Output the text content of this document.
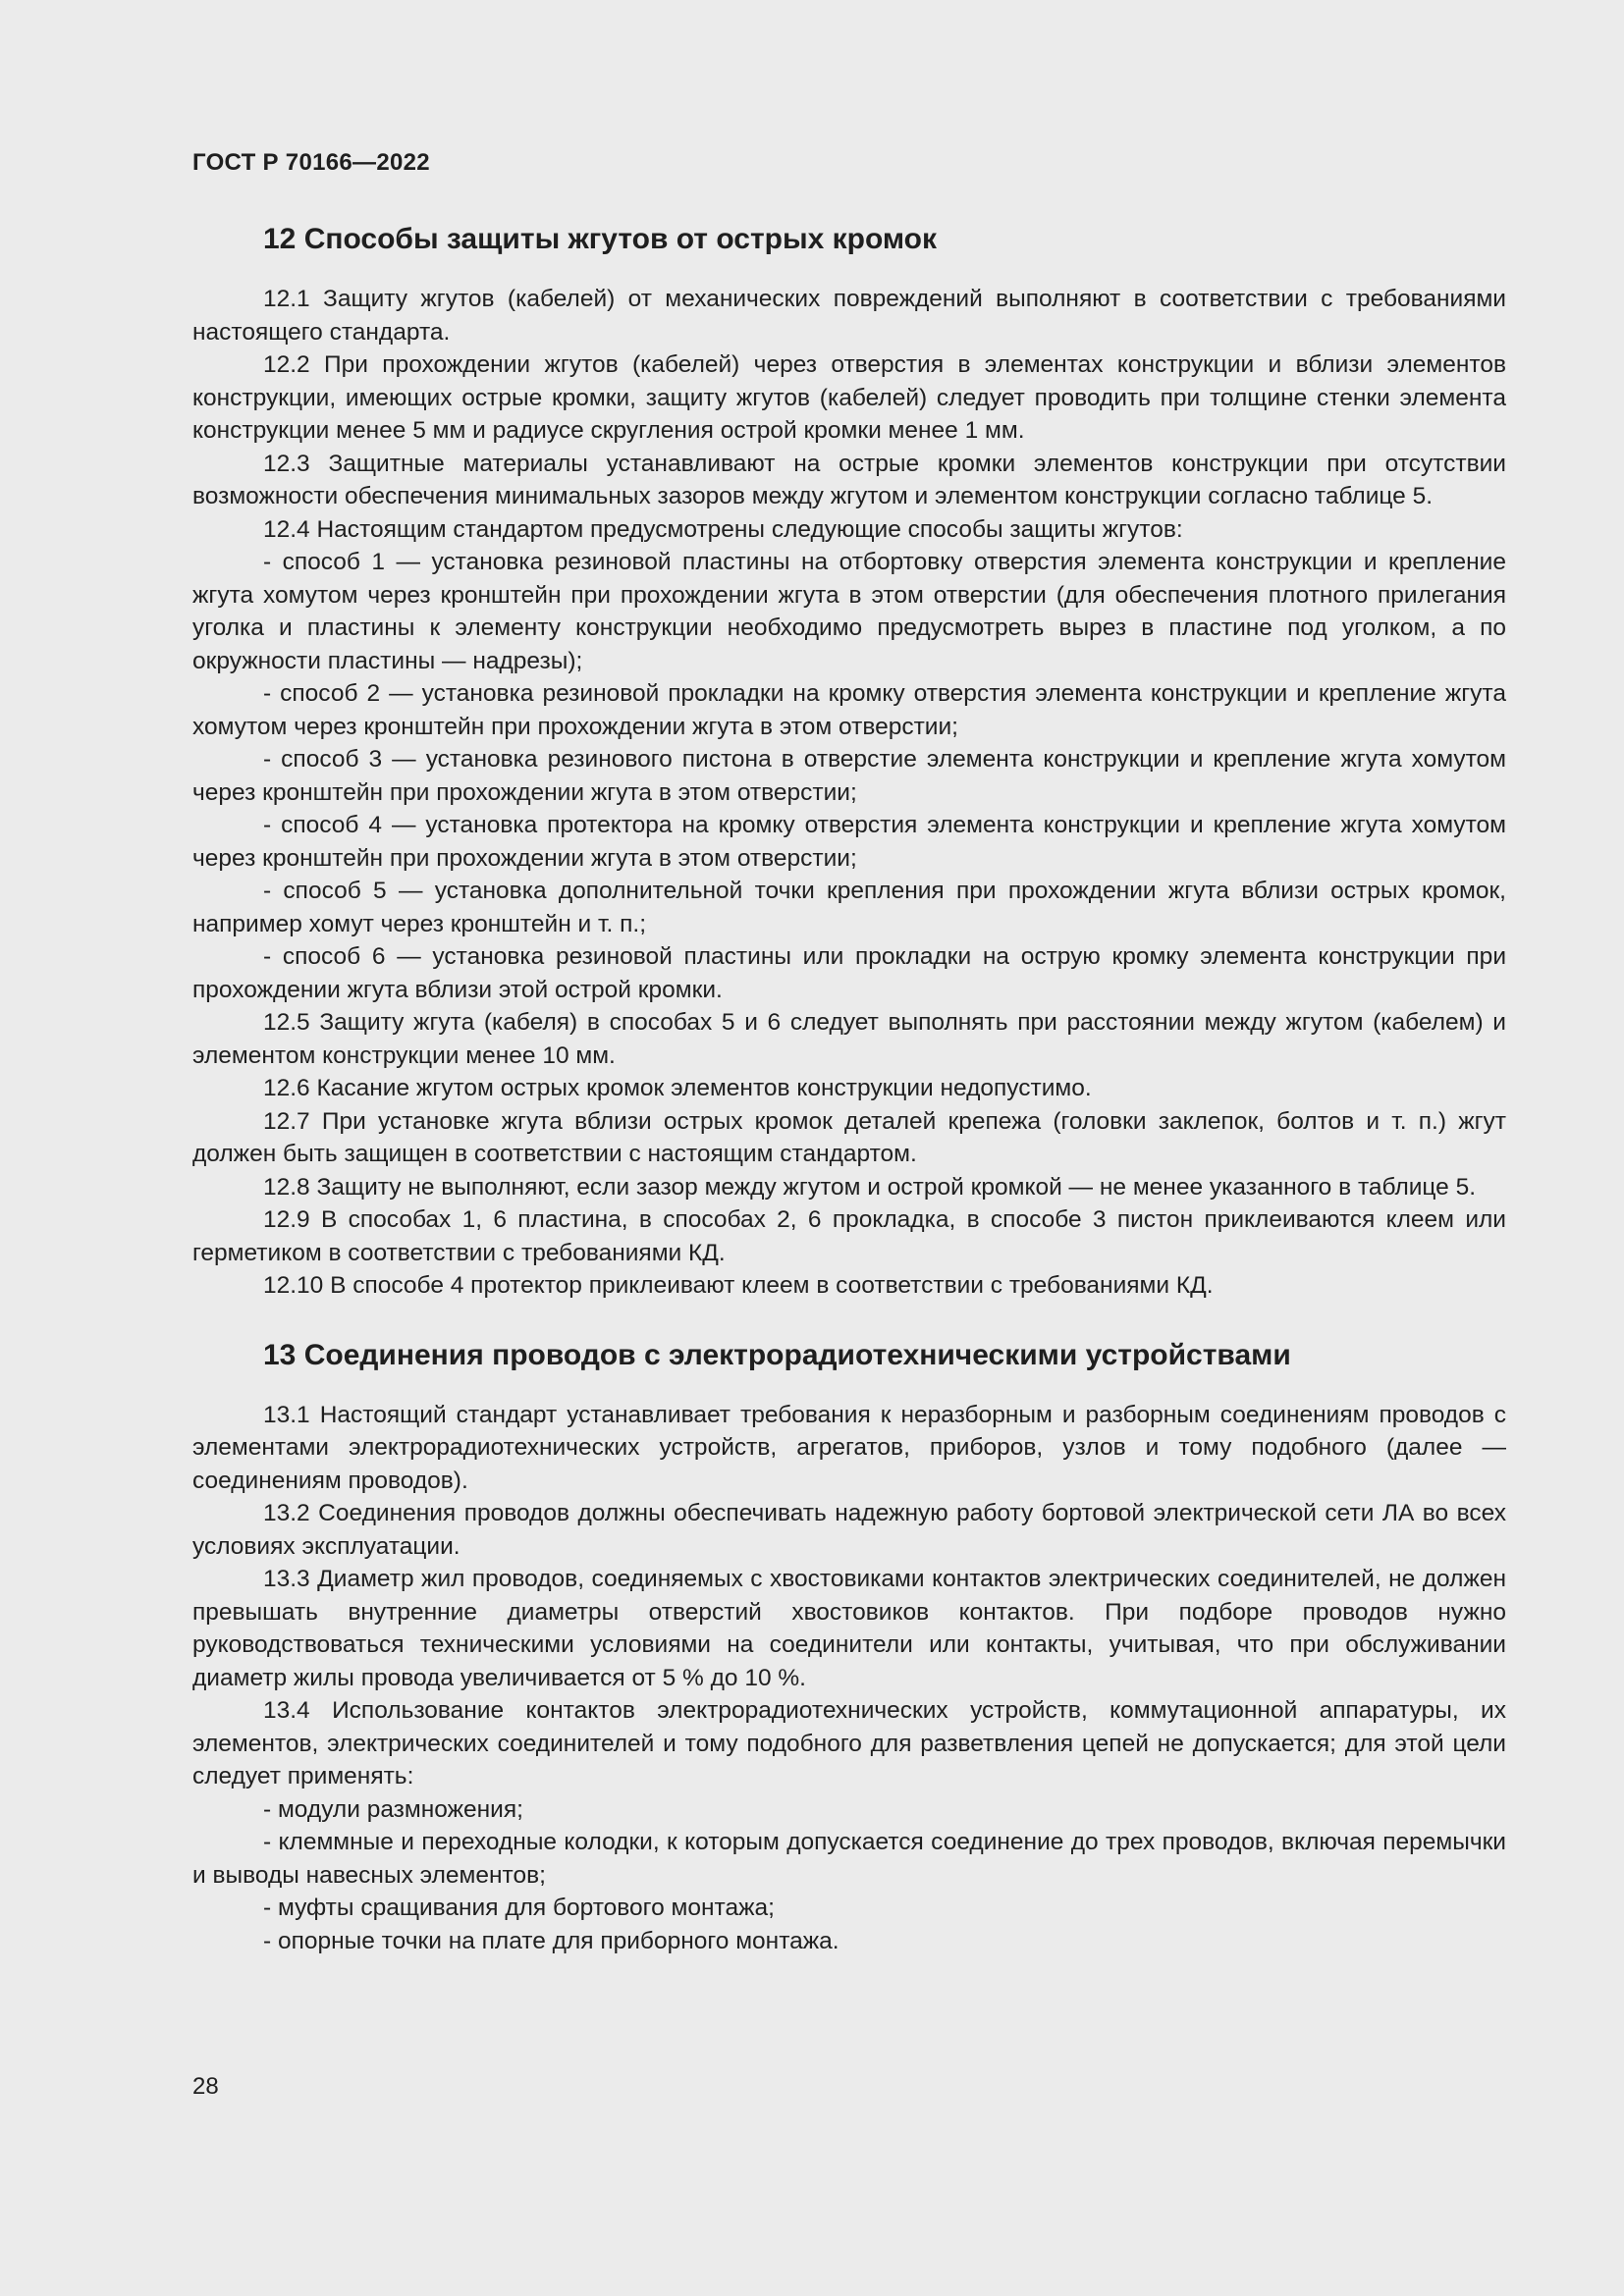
ГОСТ Р 70166—2022
12 Способы защиты жгутов от острых кромок

12.1 Защиту жгутов (кабелей) от механических повреждений выполняют в соответствии с требованиями настоящего стандарта.

12.2 При прохождении жгутов (кабелей) через отверстия в элементах конструкции и вблизи элементов конструкции, имеющих острые кромки, защиту жгутов (кабелей) следует проводить при толщине стенки элемента конструкции менее 5 мм и радиусе скругления острой кромки менее 1 мм.

12.3 Защитные материалы устанавливают на острые кромки элементов конструкции при отсутствии возможности обеспечения минимальных зазоров между жгутом и элементом конструкции согласно таблице 5.

12.4 Настоящим стандартом предусмотрены следующие способы защиты жгутов:

- способ 1 — установка резиновой пластины на отбортовку отверстия элемента конструкции и крепление жгута хомутом через кронштейн при прохождении жгута в этом отверстии (для обеспечения плотного прилегания уголка и пластины к элементу конструкции необходимо предусмотреть вырез в пластине под уголком, а по окружности пластины — надрезы);

- способ 2 — установка резиновой прокладки на кромку отверстия элемента конструкции и крепление жгута хомутом через кронштейн при прохождении жгута в этом отверстии;

- способ 3 — установка резинового пистона в отверстие элемента конструкции и крепление жгута хомутом через кронштейн при прохождении жгута в этом отверстии;

- способ 4 — установка протектора на кромку отверстия элемента конструкции и крепление жгута хомутом через кронштейн при прохождении жгута в этом отверстии;

- способ 5 — установка дополнительной точки крепления при прохождении жгута вблизи острых кромок, например хомут через кронштейн и т. п.;

- способ 6 — установка резиновой пластины или прокладки на острую кромку элемента конструкции при прохождении жгута вблизи этой острой кромки.

12.5 Защиту жгута (кабеля) в способах 5 и 6 следует выполнять при расстоянии между жгутом (кабелем) и элементом конструкции менее 10 мм.

12.6 Касание жгутом острых кромок элементов конструкции недопустимо.

12.7 При установке жгута вблизи острых кромок деталей крепежа (головки заклепок, болтов и т. п.) жгут должен быть защищен в соответствии с настоящим стандартом.

12.8 Защиту не выполняют, если зазор между жгутом и острой кромкой — не менее указанного в таблице 5.

12.9 В способах 1, 6 пластина, в способах 2, 6 прокладка, в способе 3 пистон приклеиваются клеем или герметиком в соответствии с требованиями КД.

12.10 В способе 4 протектор приклеивают клеем в соответствии с требованиями КД.

13 Соединения проводов с электрорадиотехническими устройствами

13.1 Настоящий стандарт устанавливает требования к неразборным и разборным соединениям проводов с элементами электрорадиотехнических устройств, агрегатов, приборов, узлов и тому подобного (далее — соединениям проводов).

13.2 Соединения проводов должны обеспечивать надежную работу бортовой электрической сети ЛА во всех условиях эксплуатации.

13.3 Диаметр жил проводов, соединяемых с хвостовиками контактов электрических соединителей, не должен превышать внутренние диаметры отверстий хвостовиков контактов. При подборе проводов нужно руководствоваться техническими условиями на соединители или контакты, учитывая, что при обслуживании диаметр жилы провода увеличивается от 5 % до 10 %.

13.4 Использование контактов электрорадиотехнических устройств, коммутационной аппаратуры, их элементов, электрических соединителей и тому подобного для разветвления цепей не допускается; для этой цели следует применять:

- модули размножения;

- клеммные и переходные колодки, к которым допускается соединение до трех проводов, включая перемычки и выводы навесных элементов;

- муфты сращивания для бортового монтажа;

- опорные точки на плате для приборного монтажа.

28
